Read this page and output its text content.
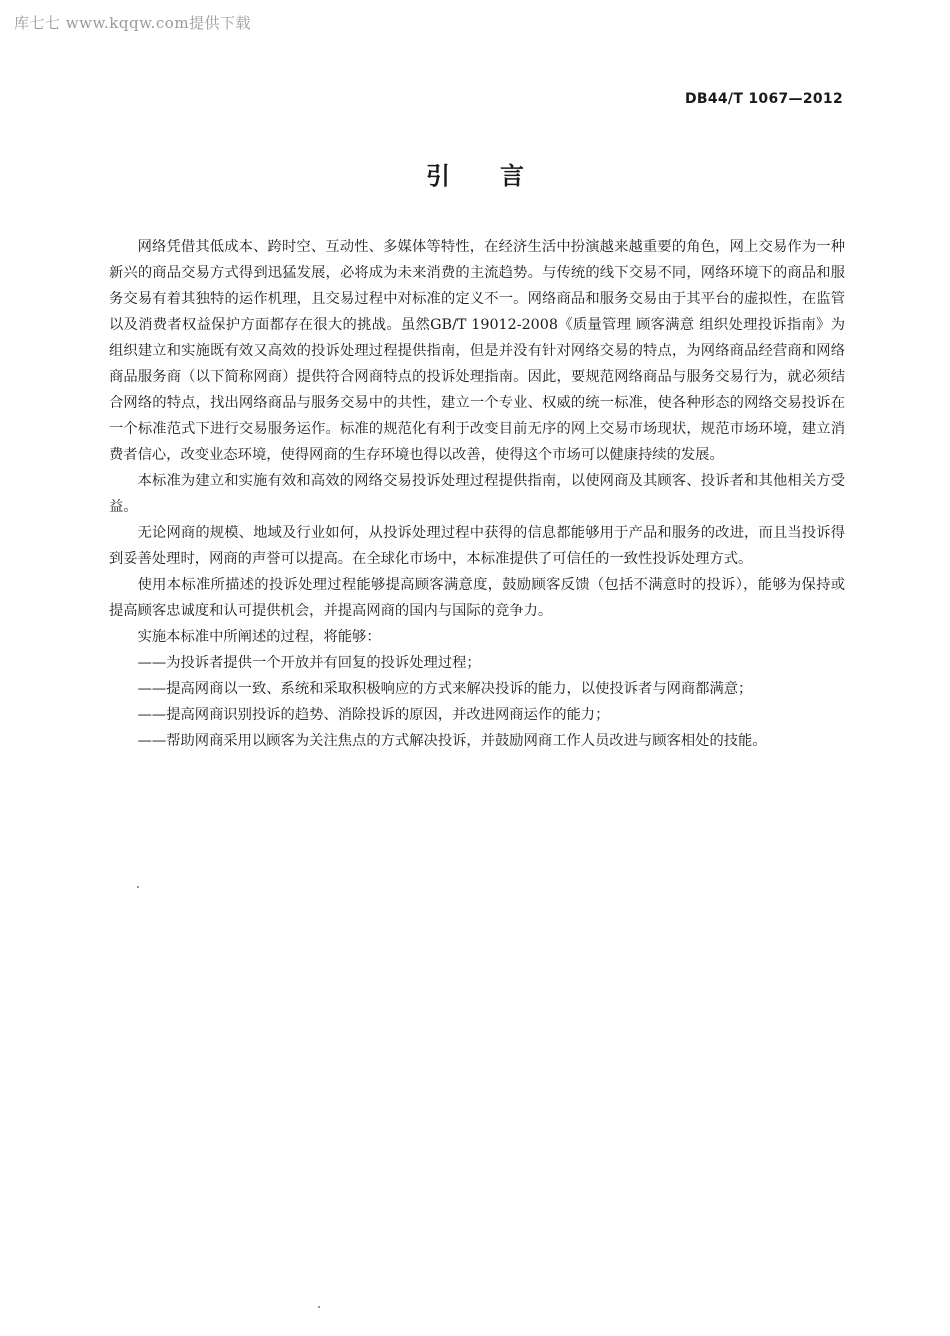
库七七 www.kqqw.com提供下载
DB44/T 1067—2012
引言

网络凭借其低成本、跨时空、互动性、多媒体等特性，在经济生活中扮演越来越重要的角色，网上交易作为一种新兴的商品交易方式得到迅猛发展，必将成为未来消费的主流趋势。与传统的线下交易不同，网络环境下的商品和服务交易有着其独特的运作机理，且交易过程中对标准的定义不一。网络商品和服务交易由于其平台的虚拟性，在监管以及消费者权益保护方面都存在很大的挑战。虽然GB/T 19012-2008《质量管理 顾客满意 组织处理投诉指南》为组织建立和实施既有效又高效的投诉处理过程提供指南，但是并没有针对网络交易的特点，为网络商品经营商和网络商品服务商（以下简称网商）提供符合网商特点的投诉处理指南。因此，要规范网络商品与服务交易行为，就必须结合网络的特点，找出网络商品与服务交易中的共性，建立一个专业、权威的统一标准，使各种形态的网络交易投诉在一个标准范式下进行交易服务运作。标准的规范化有利于改变目前无序的网上交易市场现状，规范市场环境，建立消费者信心，改变业态环境，使得网商的生存环境也得以改善，使得这个市场可以健康持续的发展。

本标准为建立和实施有效和高效的网络交易投诉处理过程提供指南，以使网商及其顾客、投诉者和其他相关方受益。

无论网商的规模、地域及行业如何，从投诉处理过程中获得的信息都能够用于产品和服务的改进，而且当投诉得到妥善处理时，网商的声誉可以提高。在全球化市场中，本标准提供了可信任的一致性投诉处理方式。

使用本标准所描述的投诉处理过程能够提高顾客满意度，鼓励顾客反馈（包括不满意时的投诉），能够为保持或提高顾客忠诚度和认可提供机会，并提高网商的国内与国际的竞争力。

实施本标准中所阐述的过程，将能够：

——为投诉者提供一个开放并有回复的投诉处理过程；

——提高网商以一致、系统和采取积极响应的方式来解决投诉的能力，以使投诉者与网商都满意；

——提高网商识别投诉的趋势、消除投诉的原因，并改进网商运作的能力；

——帮助网商采用以顾客为关注焦点的方式解决投诉，并鼓励网商工作人员改进与顾客相处的技能。
